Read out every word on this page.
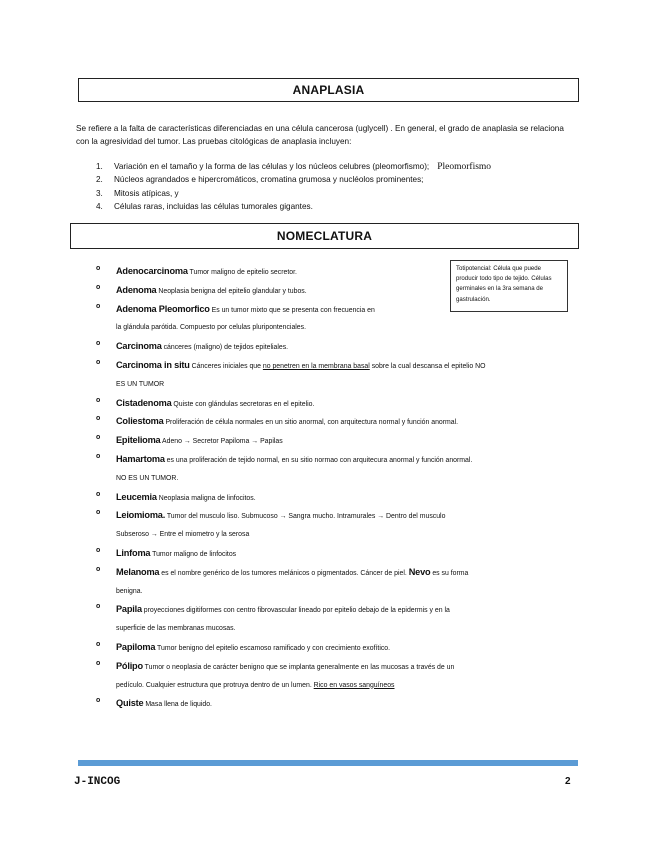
ANAPLASIA
Se refiere a la falta de características diferenciadas en una célula cancerosa (uglycell) . En general, el grado de anaplasia se relaciona con la agresividad del tumor. Las pruebas citológicas de anaplasia incluyen:
1. Variación en el tamaño y la forma de las células y los núcleos celubres (pleomorfismo); Pleomorfismo
2. Núcleos agrandados e hipercromáticos, cromatina grumosa y nucléolos prominentes;
3. Mitosis atípicas, y
4. Células raras, incluidas las células tumorales gigantes.
NOMECLATURA
Totipotencial: Célula que puede producir todo tipo de tejido. Células germinales en la 3ra semana de gastrulación.
o Adenocarcinoma Tumor maligno de epitelio secretor.
o Adenoma Neoplasia benigna del epitelio glandular y tubos.
o Adenoma Pleomorfico Es un tumor mixto que se presenta con frecuencia en
la glándula parótida. Compuesto por celulas pluripontenciales.
o Carcinoma cánceres (maligno) de tejidos epiteliales.
o Carcinoma in situ Cánceres iniciales que no penetren en la membrana basal sobre la cual descansa el epitelio NO
ES UN TUMOR
o Cistadenoma Quiste con glándulas secretoras en el epitelio.
o Coliestoma Proliferación de célula normales en un sitio anormal, con arquitectura normal y función anormal.
o Epitelioma Adeno → Secretor Papiloma → Papilas
o Hamartoma es una proliferación de tejido normal, en su sitio normao con arquitecura anormal y función anormal.
NO ES UN TUMOR.
o Leucemia Neoplasia maligna de linfocitos.
o Leiomioma. Tumor del musculo liso. Submucoso → Sangra mucho. Intramurales → Dentro del musculo
Subseroso → Entre el miometro y la serosa
o Linfoma Tumor maligno de linfocitos
o Melanoma es el nombre genérico de los tumores melánicos o pigmentados. Cáncer de piel. Nevo es su forma
benigna.
o Papila proyecciones digitiformes con centro fibrovascular lineado por epitelio debajo de la epidermis y en la
superficie de las membranas mucosas.
o Papiloma Tumor benigno del epitelio escamoso ramificado y con crecimiento exofítico.
o Pólipo Tumor o neoplasia de carácter benigno que se implanta generalmente en las mucosas a través de un
pedículo. Cualquier estructura que protruya dentro de un lumen. Rico en vasos sanguíneos
o Quiste Masa llena de liquido.
J-INCOG	2
